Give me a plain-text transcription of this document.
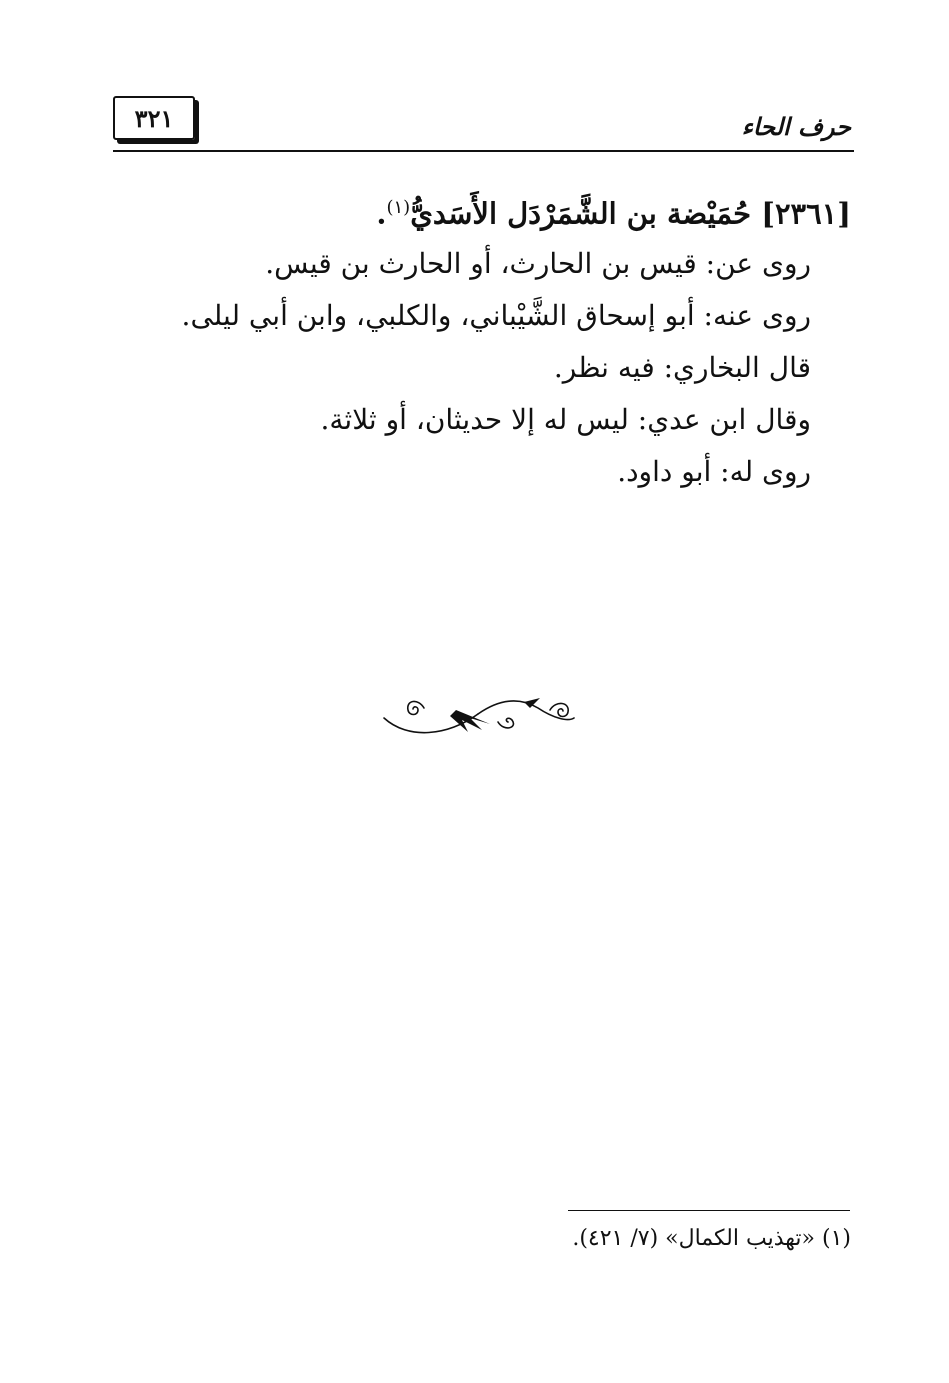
٣٢١	حرف الحاء
[٢٣٦١] حُمَيْضة بن الشَّمَرْدَل الأَسَديُّ$^{(١)}$.
روى عن: قيس بن الحارث، أو الحارث بن قيس.
روى عنه: أبو إسحاق الشَّيْباني، والكلبي، وابن أبي ليلى.
قال البخاري: فيه نظر.
وقال ابن عدي: ليس له إلا حديثان، أو ثلاثة.
روى له: أبو داود.
(١) «تهذيب الكمال» (٧/ ٤٢١).
